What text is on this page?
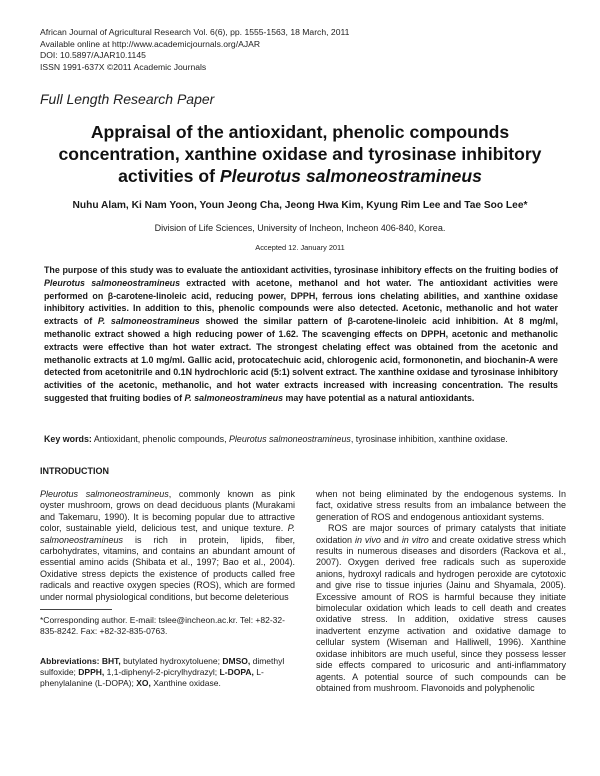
African Journal of Agricultural Research Vol. 6(6), pp. 1555-1563, 18 March, 2011
Available online at http://www.academicjournals.org/AJAR
DOI: 10.5897/AJAR10.1145
ISSN 1991-637X ©2011 Academic Journals
Full Length Research Paper
Appraisal of the antioxidant, phenolic compounds concentration, xanthine oxidase and tyrosinase inhibitory activities of Pleurotus salmoneostramineus
Nuhu Alam, Ki Nam Yoon, Youn Jeong Cha, Jeong Hwa Kim, Kyung Rim Lee and Tae Soo Lee*
Division of Life Sciences, University of Incheon, Incheon 406-840, Korea.
Accepted 12. January 2011

The purpose of this study was to evaluate the antioxidant activities, tyrosinase inhibitory effects on the fruiting bodies of Pleurotus salmoneostramineus extracted with acetone, methanol and hot water. The antioxidant activities were performed on β-carotene-linoleic acid, reducing power, DPPH, ferrous ions chelating abilities, and xanthine oxidase inhibitory activities. In addition to this, phenolic compounds were also detected. Acetonic, methanolic and hot water extracts of P. salmoneostramineus showed the similar pattern of β-carotene-linoleic acid inhibition. At 8 mg/ml, methanolic extract showed a high reducing power of 1.62. The scavenging effects on DPPH, acetonic and methanolic extracts were effective than hot water extract. The strongest chelating effect was obtained from the acetonic and methanolic extracts at 1.0 mg/ml. Gallic acid, protocatechuic acid, chlorogenic acid, formononetin, and biochanin-A were detected from acetonitrile and 0.1N hydrochloric acid (5:1) solvent extract. The xanthine oxidase and tyrosinase inhibitory activities of the acetonic, methanolic, and hot water extracts increased with increasing concentration. The results suggested that fruiting bodies of P. salmoneostramineus may have potential as a natural antioxidants.

Key words: Antioxidant, phenolic compounds, Pleurotus salmoneostramineus, tyrosinase inhibition, xanthine oxidase.

INTRODUCTION

Pleurotus salmoneostramineus, commonly known as pink oyster mushroom, grows on dead deciduous plants (Murakami and Takemaru, 1990). It is becoming popular due to attractive color, sustainable yield, delicious test, and unique texture. P. salmoneostramineus is rich in protein, lipids, fiber, carbohydrates, vitamins, and contains an abundant amount of essential amino acids (Shibata et al., 1997; Bao et al., 2004). Oxidative stress depicts the existence of products called free radicals and reactive oxygen species (ROS), which are formed under normal physiological conditions, but become deleterious

when not being eliminated by the endogenous systems. In fact, oxidative stress results from an imbalance between the generation of ROS and endogenous antioxidant systems.

ROS are major sources of primary catalysts that initiate oxidation in vivo and in vitro and create oxidative stress which results in numerous diseases and disorders (Rackova et al., 2007). Oxygen derived free radicals such as superoxide anions, hydroxyl radicals and hydrogen peroxide are cytotoxic and give rise to tissue injuries (Jainu and Shyamala, 2005). Excessive amount of ROS is harmful because they initiate bimolecular oxidation which leads to cell death and creates oxidative stress. In addition, oxidative stress causes inadvertent enzyme activation and oxidative damage to cellular system (Wiseman and Halliwell, 1996). Xanthine oxidase inhibitors are much useful, since they possess lesser side effects compared to uricosuric and anti-inflammatory agents. A potential source of such compounds can be obtained from mushroom. Flavonoids and polyphenolic

*Corresponding author. E-mail: tslee@incheon.ac.kr. Tel: +82-32-835-8242. Fax: +82-32-835-0763.
Abbreviations: BHT, butylated hydroxytoluene; DMSO, dimethyl sulfoxide; DPPH, 1,1-diphenyl-2-picrylhydrazyl; L-DOPA, L-phenylalanine (L-DOPA); XO, Xanthine oxidase.
